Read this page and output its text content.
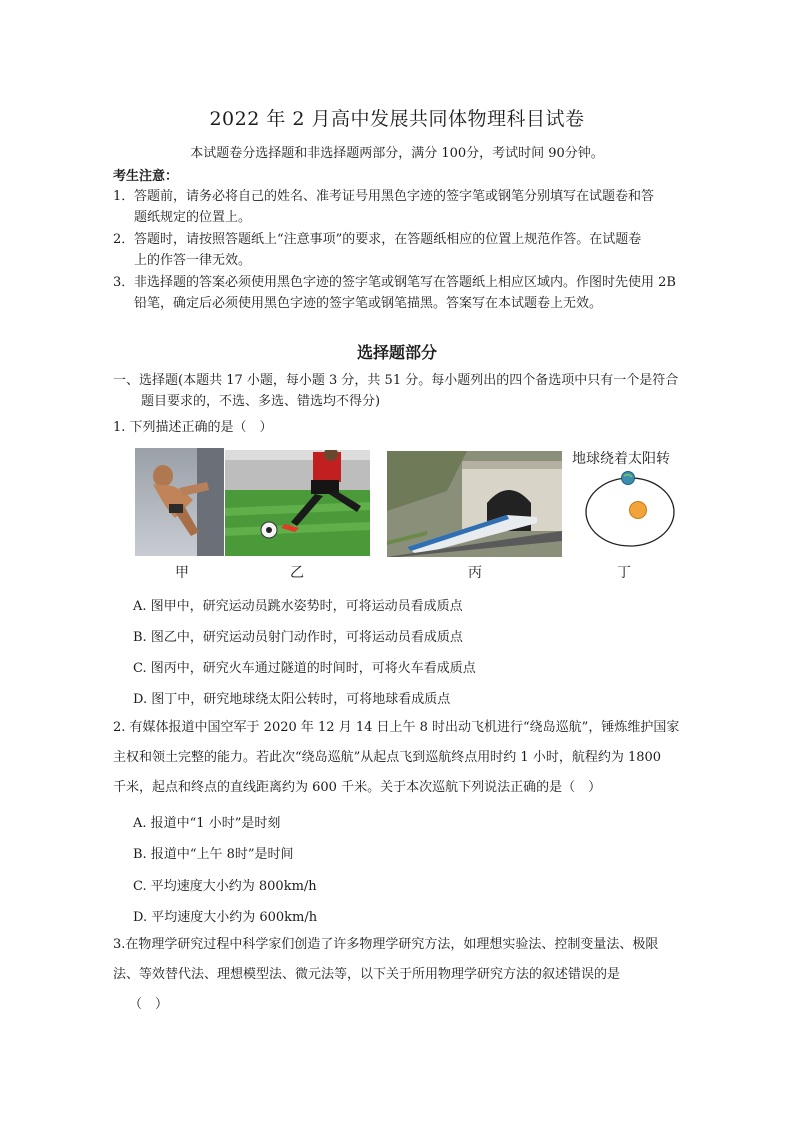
2022 年 2 月高中发展共同体物理科目试卷
本试题卷分选择题和非选择题两部分，满分 100分，考试时间 90分钟。
考生注意：
1． 答题前，请务必将自己的姓名、准考证号用黑色字迹的签字笔或钢笔分别填写在试题卷和答
题纸规定的位置上。
2． 答题时，请按照答题纸上“注意事项”的要求，在答题纸相应的位置上规范作答。在试题卷
上的作答一律无效。
3． 非选择题的答案必须使用黑色字迹的签字笔或钢笔写在答题纸上相应区域内。作图时先使用 2B
铅笔，确定后必须使用黑色字迹的签字笔或钢笔描黑。答案写在本试题卷上无效。
选择题部分
一、选择题(本题共 17 小题，每小题 3 分，共 51 分。每小题列出的四个备选项中只有一个是符合
题目要求的，不选、多选、错选均不得分)
1. 下列描述正确的是（　）
地球绕着太阳转
甲	乙	丙	丁
A. 图甲中，研究运动员跳水姿势时，可将运动员看成质点
B. 图乙中，研究运动员射门动作时，可将运动员看成质点
C. 图丙中，研究火车通过隧道的时间时，可将火车看成质点
D. 图丁中，研究地球绕太阳公转时，可将地球看成质点
2. 有媒体报道中国空军于 2020 年 12 月 14 日上午 8 时出动飞机进行“绕岛巡航”，锤炼维护国家
主权和领土完整的能力。若此次“绕岛巡航”从起点飞到巡航终点用时约 1 小时，航程约为 1800
千米，起点和终点的直线距离约为 600 千米。关于本次巡航下列说法正确的是（　）
A. 报道中“1 小时”是时刻
B. 报道中“上午 8时”是时间
C. 平均速度大小约为 800km/h
D. 平均速度大小约为 600km/h
3.在物理学研究过程中科学家们创造了许多物理学研究方法，如理想实验法、控制变量法、极限
法、等效替代法、理想模型法、微元法等，以下关于所用物理学研究方法的叙述错误的是
（　）
